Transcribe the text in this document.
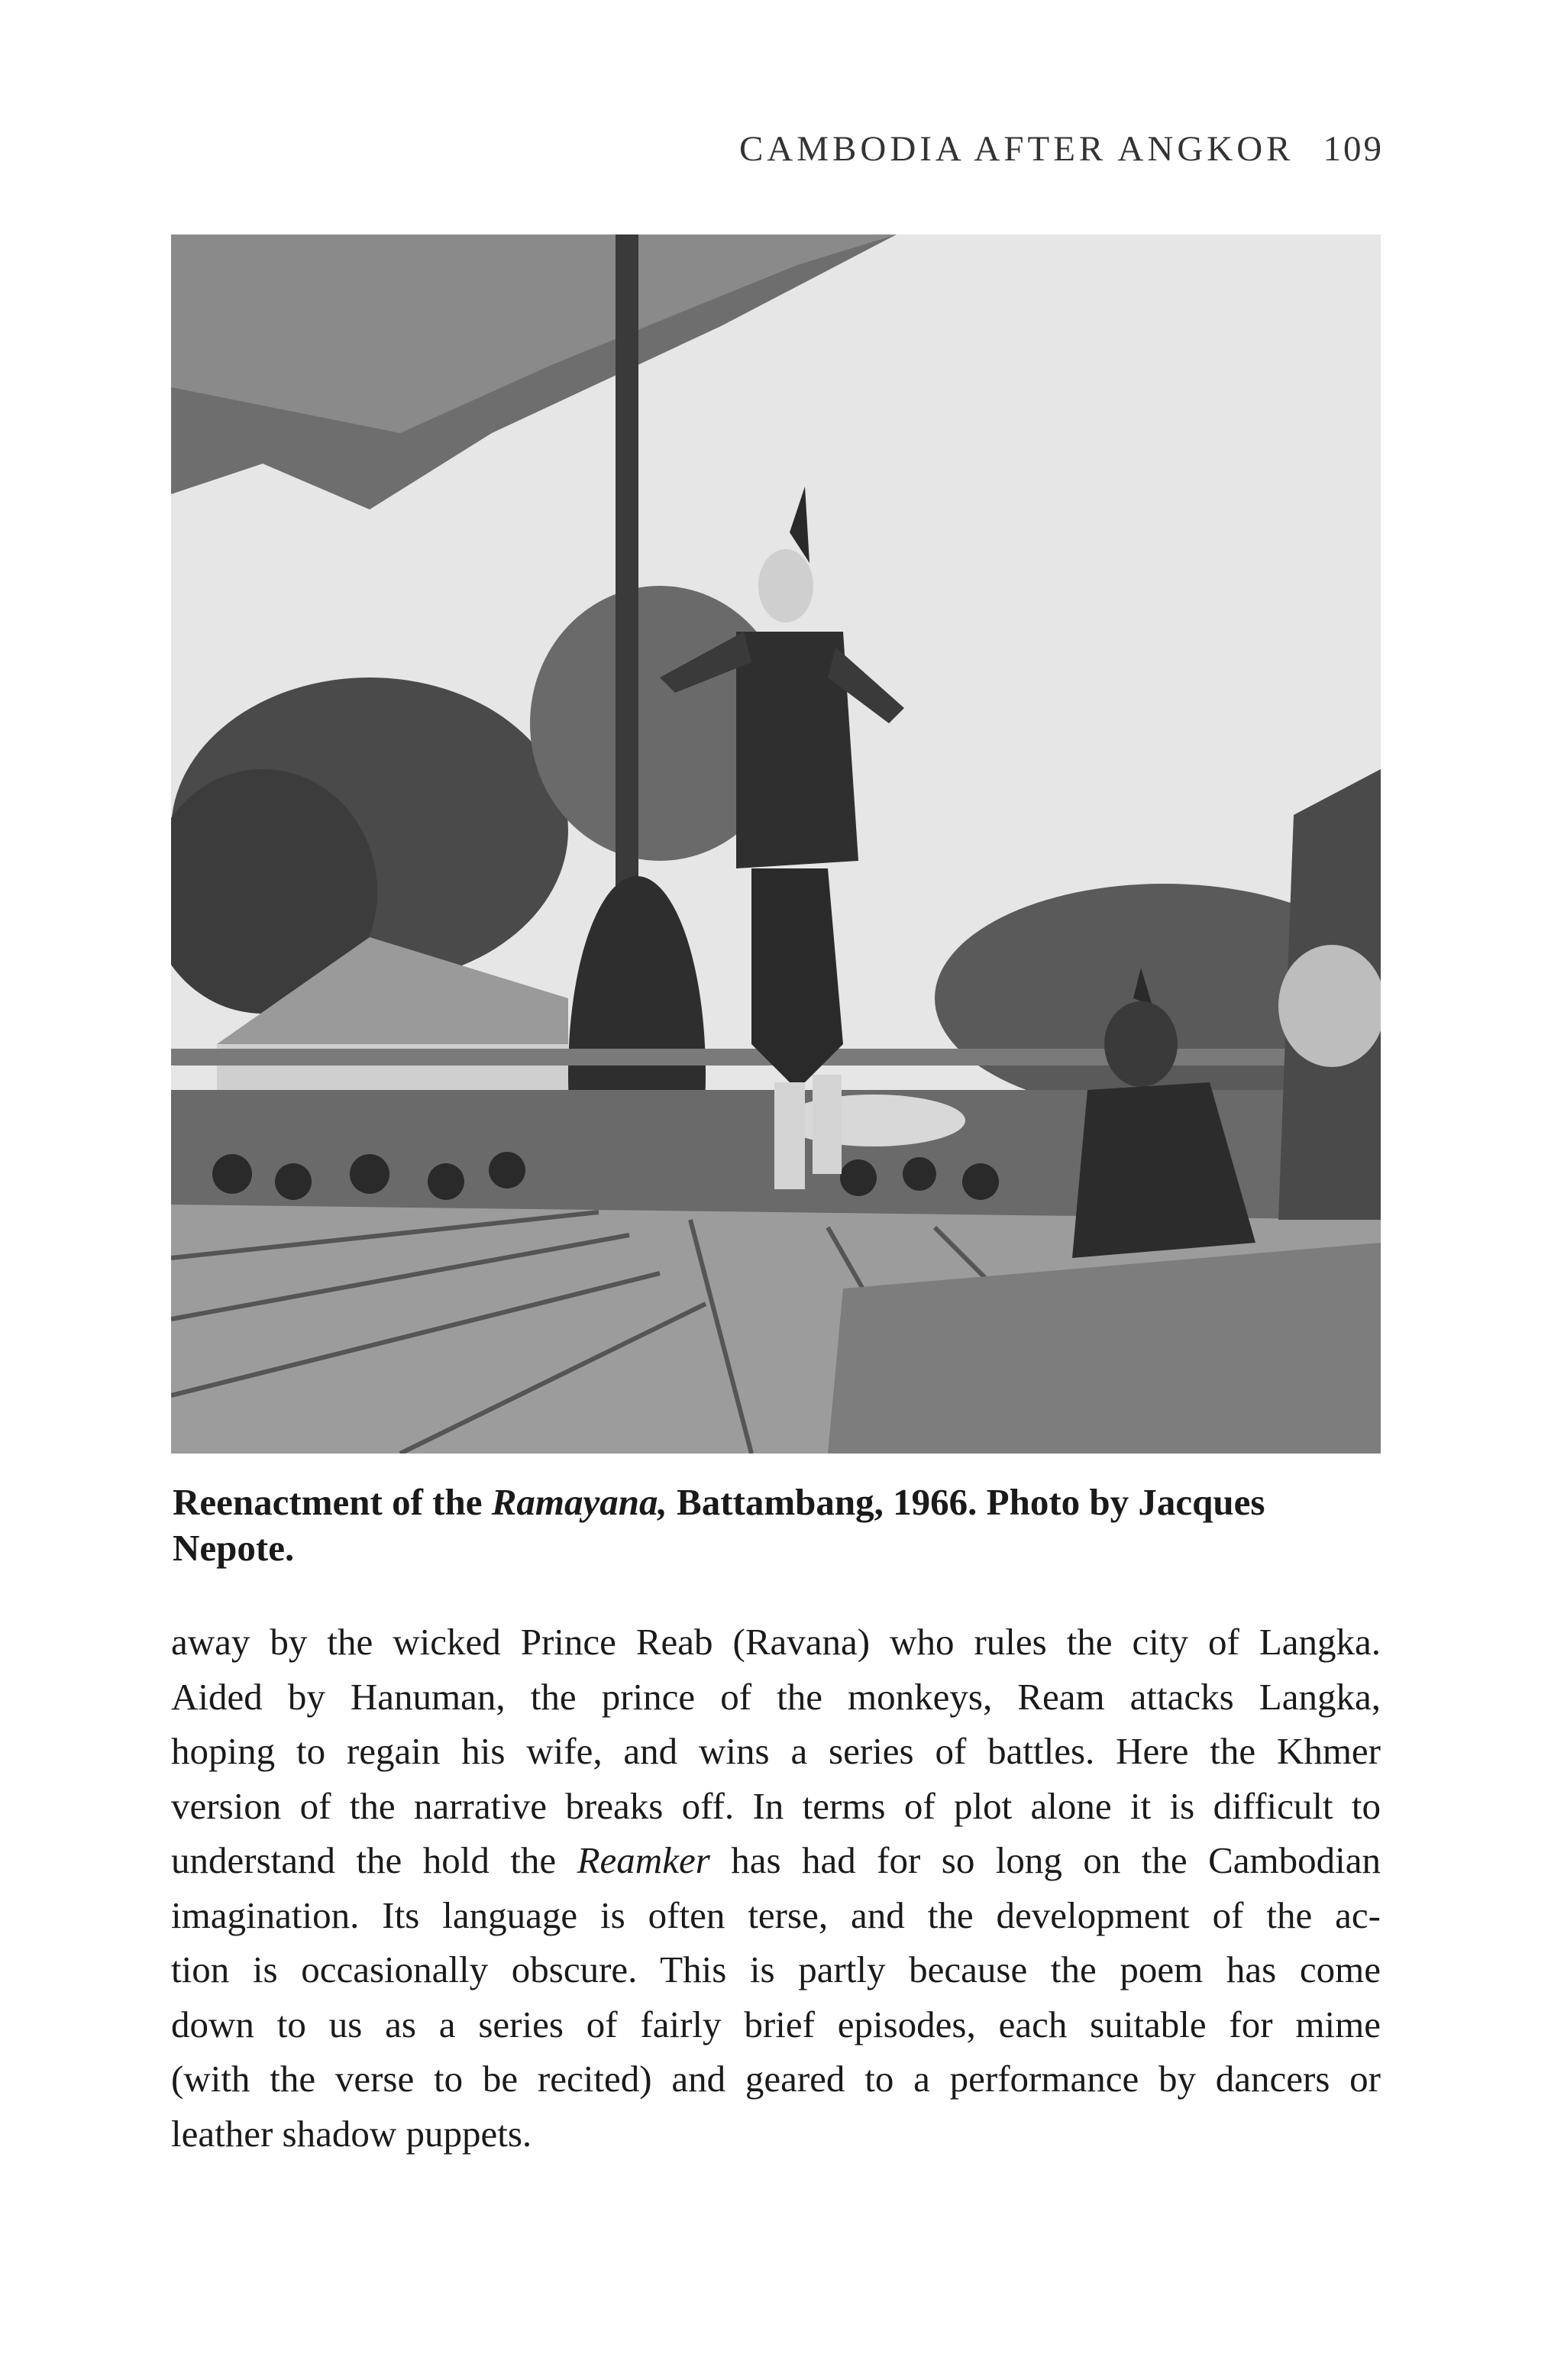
CAMBODIA AFTER ANGKOR 109
Reenactment of the Ramayana, Battambang, 1966. Photo by Jacques
Nepote.
away by the wicked Prince Reab (Ravana) who rules the city of Langka.
Aided by Hanuman, the prince of the monkeys, Ream attacks Langka,
hoping to regain his wife, and wins a series of battles. Here the Khmer
version of the narrative breaks off. In terms of plot alone it is difficult to
understand the hold the Reamker has had for so long on the Cambodian
imagination. Its language is often terse, and the development of the ac-
tion is occasionally obscure. This is partly because the poem has come
down to us as a series of fairly brief episodes, each suitable for mime
(with the verse to be recited) and geared to a performance by dancers or
leather shadow puppets.
